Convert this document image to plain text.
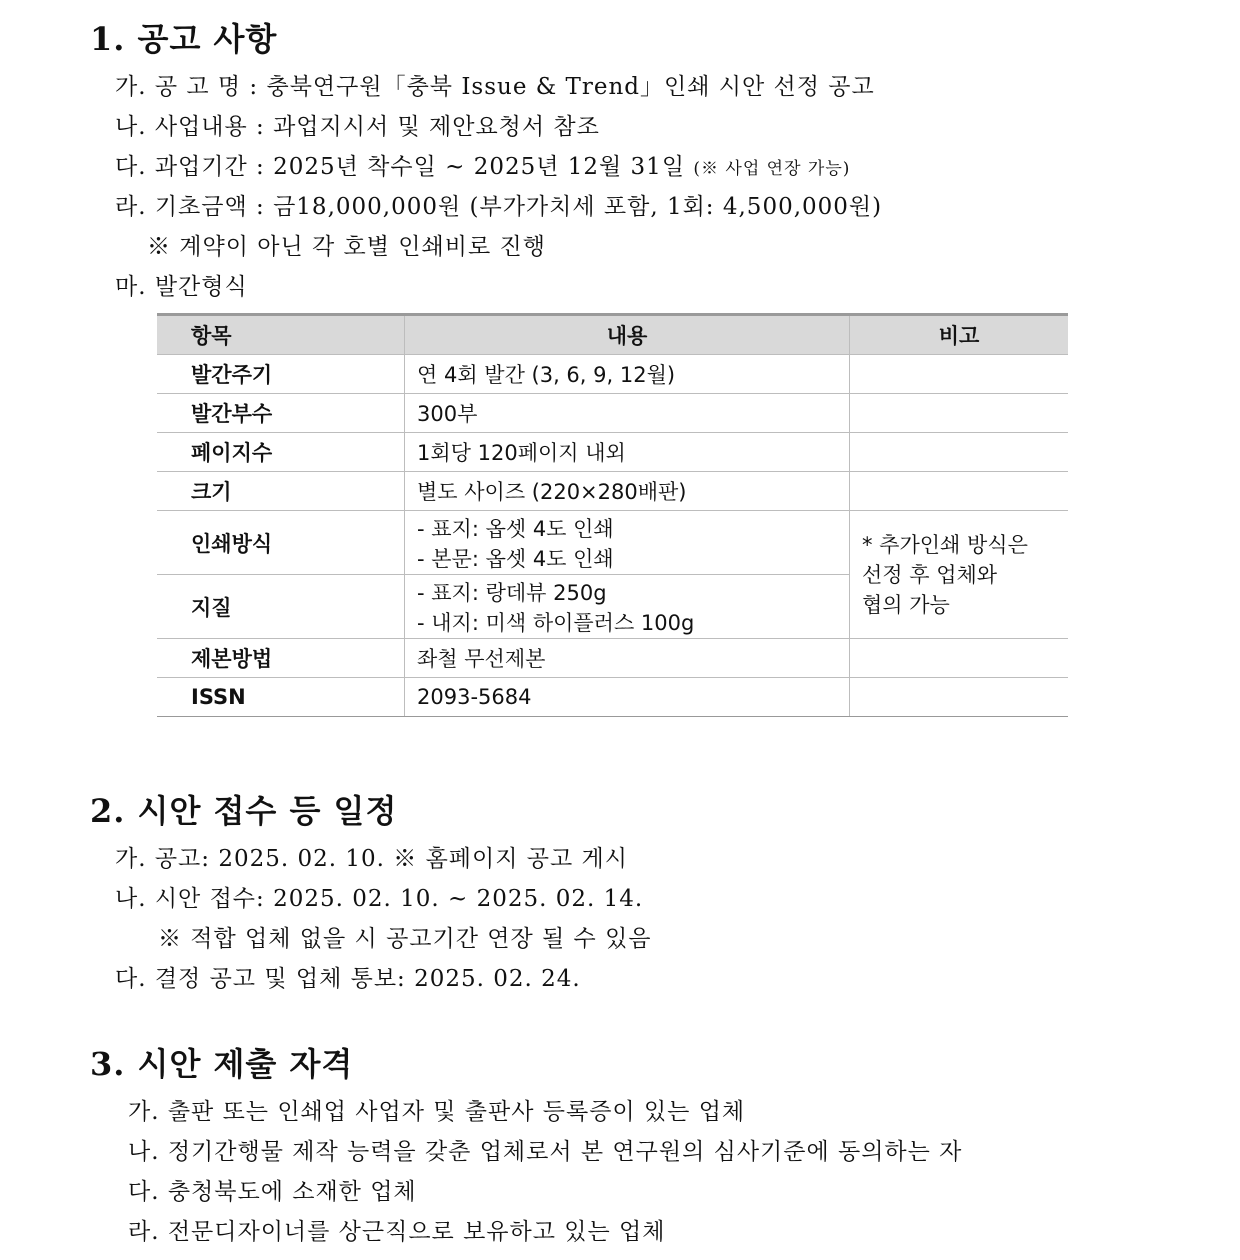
1. 공고 사항
가. 공 고 명 : 충북연구원「충북 Issue & Trend」인쇄 시안 선정 공고
나. 사업내용 : 과업지시서 및 제안요청서 참조
다. 과업기간 : 2025년 착수일 ~ 2025년 12월 31일 (※ 사업 연장 가능)
라. 기초금액 : 금18,000,000원 (부가가치세 포함, 1회: 4,500,000원)
※ 계약이 아닌 각 호별 인쇄비로 진행
마. 발간형식
항목	내용	비고
발간주기	연 4회 발간 (3, 6, 9, 12월)	
발간부수	300부	
페이지수	1회당 120페이지 내외	
크기	별도 사이즈 (220×280배판)	
인쇄방식	- 표지: 옵셋 4도 인쇄
- 본문: 옵셋 4도 인쇄	* 추가인쇄 방식은
선정 후 업체와
협의 가능
지질	- 표지: 랑데뷰 250g
- 내지: 미색 하이플러스 100g	
제본방법	좌철 무선제본	
ISSN	2093-5684	
2. 시안 접수 등 일정
가. 공고: 2025. 02. 10. ※ 홈페이지 공고 게시
나. 시안 접수: 2025. 02. 10. ~ 2025. 02. 14.
※ 적합 업체 없을 시 공고기간 연장 될 수 있음
다. 결정 공고 및 업체 통보: 2025. 02. 24.
3. 시안 제출 자격
가. 출판 또는 인쇄업 사업자 및 출판사 등록증이 있는 업체
나. 정기간행물 제작 능력을 갖춘 업체로서 본 연구원의 심사기준에 동의하는 자
다. 충청북도에 소재한 업체
라. 전문디자이너를 상근직으로 보유하고 있는 업체
